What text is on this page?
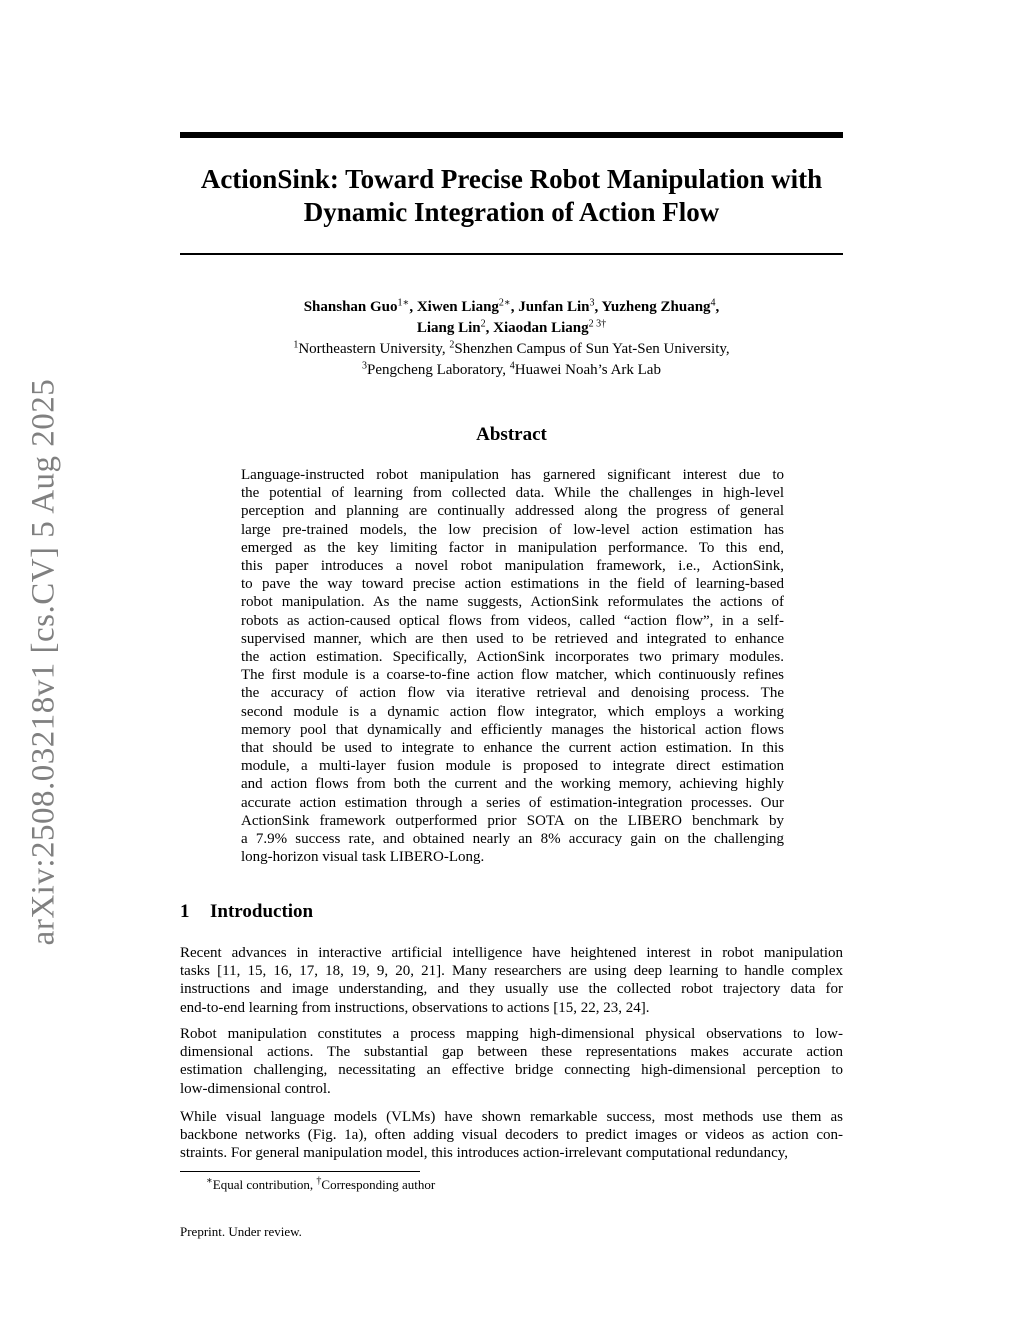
arXiv:2508.03218v1 [cs.CV] 5 Aug 2025
ActionSink: Toward Precise Robot Manipulation with
Dynamic Integration of Action Flow
Shanshan Guo$^{1∗}$, Xiwen Liang$^{2∗}$, Junfan Lin$^3$, Yuzheng Zhuang$^4$,
Liang Lin$^2$, Xiaodan Liang$^{2 3\dagger}$
$^1$Northeastern University, $^2$Shenzhen Campus of Sun Yat-Sen University,
$^3$Pengcheng Laboratory, $^4$Huawei Noah’s Ark Lab
Abstract
Language-instructed robot manipulation has garnered significant interest due to
the potential of learning from collected data. While the challenges in high-level
perception and planning are continually addressed along the progress of general
large pre-trained models, the low precision of low-level action estimation has
emerged as the key limiting factor in manipulation performance. To this end,
this paper introduces a novel robot manipulation framework, i.e., ActionSink,
to pave the way toward precise action estimations in the field of learning-based
robot manipulation. As the name suggests, ActionSink reformulates the actions of
robots as action-caused optical flows from videos, called “action flow”, in a self-
supervised manner, which are then used to be retrieved and integrated to enhance
the action estimation. Specifically, ActionSink incorporates two primary modules.
The first module is a coarse-to-fine action flow matcher, which continuously refines
the accuracy of action flow via iterative retrieval and denoising process. The
second module is a dynamic action flow integrator, which employs a working
memory pool that dynamically and efficiently manages the historical action flows
that should be used to integrate to enhance the current action estimation. In this
module, a multi-layer fusion module is proposed to integrate direct estimation
and action flows from both the current and the working memory, achieving highly
accurate action estimation through a series of estimation-integration processes. Our
ActionSink framework outperformed prior SOTA on the LIBERO benchmark by
a 7.9% success rate, and obtained nearly an 8% accuracy gain on the challenging
long-horizon visual task LIBERO-Long.
1 Introduction
Recent advances in interactive artificial intelligence have heightened interest in robot manipulation
tasks [11, 15, 16, 17, 18, 19, 9, 20, 21]. Many researchers are using deep learning to handle complex
instructions and image understanding, and they usually use the collected robot trajectory data for
end-to-end learning from instructions, observations to actions [15, 22, 23, 24].
Robot manipulation constitutes a process mapping high-dimensional physical observations to low-
dimensional actions. The substantial gap between these representations makes accurate action
estimation challenging, necessitating an effective bridge connecting high-dimensional perception to
low-dimensional control.
While visual language models (VLMs) have shown remarkable success, most methods use them as
backbone networks (Fig. 1a), often adding visual decoders to predict images or videos as action con-
straints. For general manipulation model, this introduces action-irrelevant computational redundancy,
∗Equal contribution, †Corresponding author
Preprint. Under review.
